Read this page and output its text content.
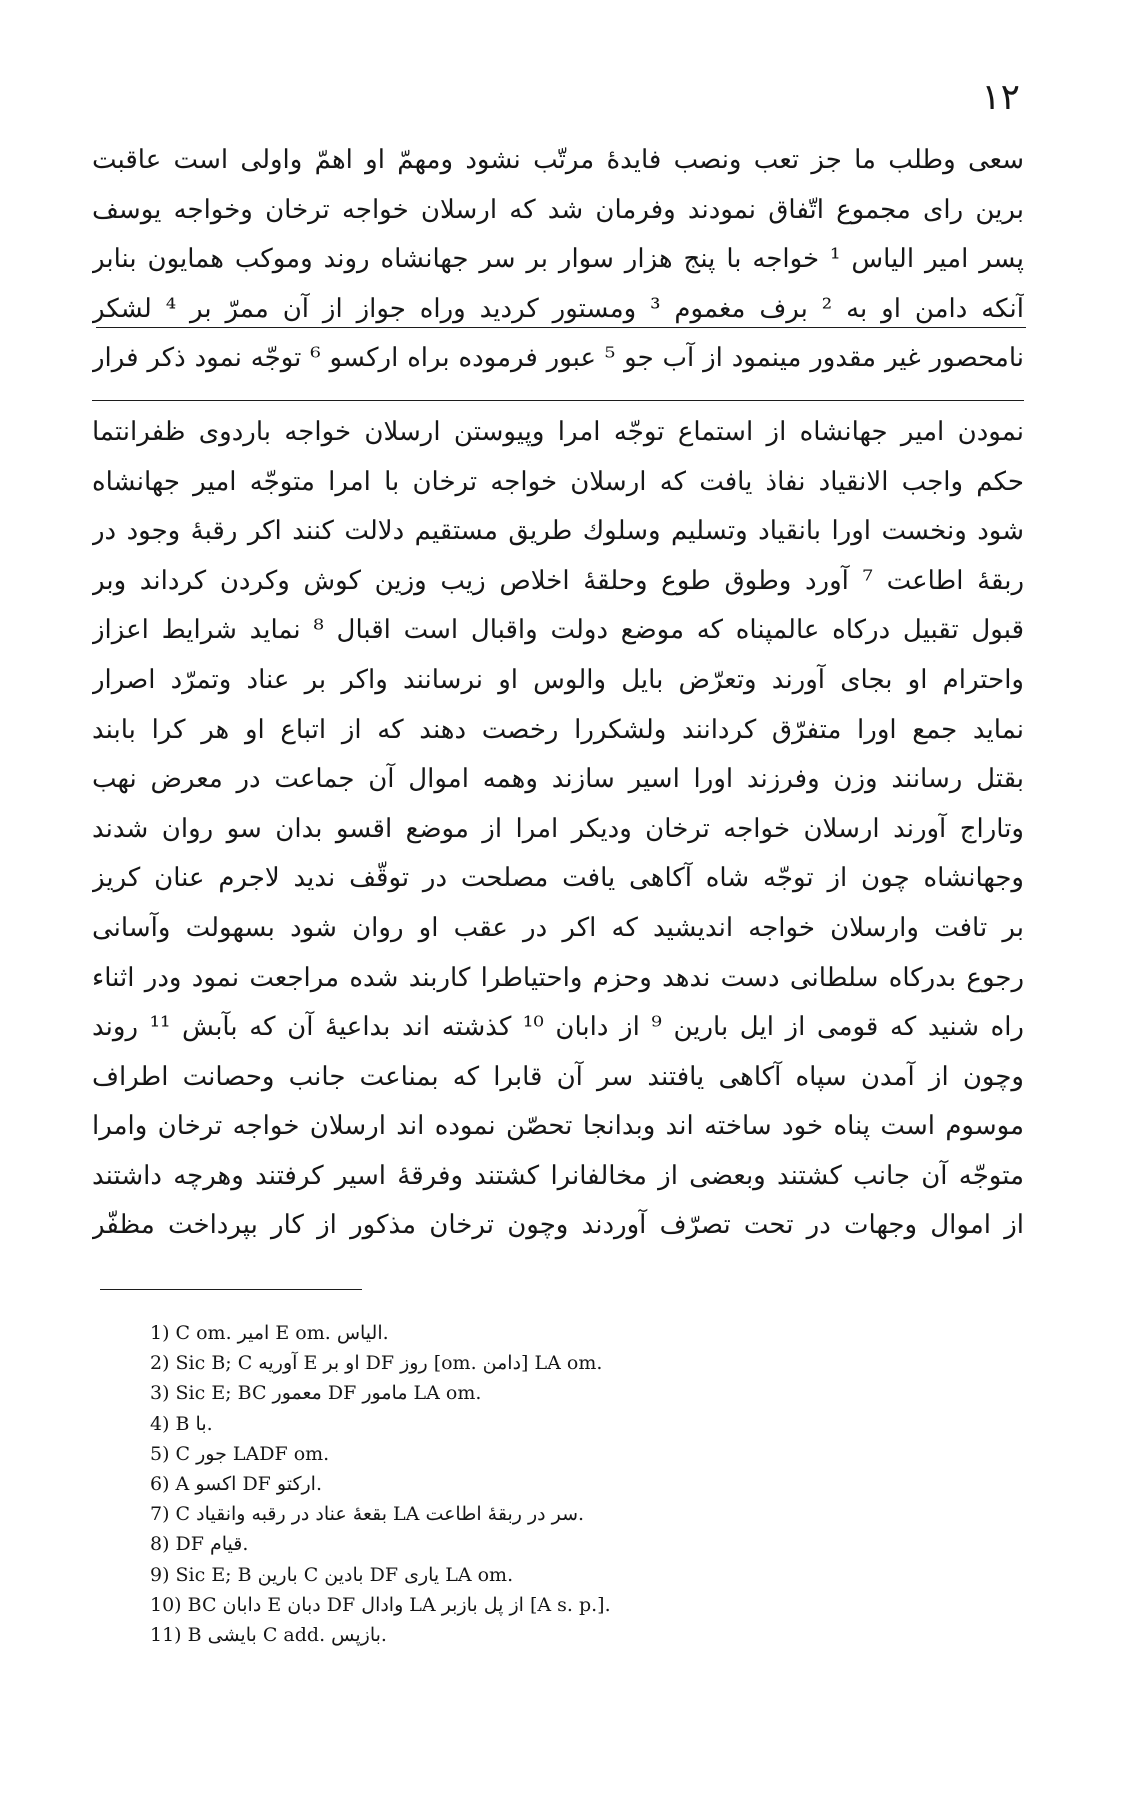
۱۲
سعی وطلب ما جز تعب ونصب فایدهٔ مرتّب نشود ومهمّ او اهمّ واولی است عاقبت
برین رای مجموع اتّفاق نمودند وفرمان شد که ارسلان خواجه ترخان وخواجه یوسف
پسر امیر الیاس ¹ خواجه با پنج هزار سوار بر سر جهانشاه روند وموکب همایون بنابر
آنکه دامن او به ² برف مغموم ³ ومستور کردید وراه جواز از آن ممرّ بر ⁴ لشکر
نامحصور غیر مقدور مینمود از آب جو ⁵ عبور فرموده براه ارکسو ⁶ توجّه نمود ذکر فرار
نمودن امیر جهانشاه از استماع توجّه امرا وپیوستن ارسلان خواجه باردوی ظفرانتما
حکم واجب الانقیاد نفاذ یافت که ارسلان خواجه ترخان با امرا متوجّه امیر جهانشاه
شود ونخست اورا بانقیاد وتسلیم وسلوك طریق مستقیم دلالت کنند اکر رقبهٔ وجود در
ربقهٔ اطاعت ⁷ آورد وطوق طوع وحلقهٔ اخلاص زیب وزین کوش وکردن کرداند وبر
قبول تقبیل درکاه عالمپناه که موضع دولت واقبال است اقبال ⁸ نماید شرایط اعزاز
واحترام او بجای آورند وتعرّض بایل والوس او نرسانند واکر بر عناد وتمرّد اصرار
نماید جمع اورا متفرّق کردانند ولشکررا رخصت دهند که از اتباع او هر کرا بابند
بقتل رسانند وزن وفرزند اورا اسیر سازند وهمه اموال آن جماعت در معرض نهب
وتاراج آورند ارسلان خواجه ترخان ودیکر امرا از موضع اقسو بدان سو روان شدند
وجهانشاه چون از توجّه شاه آکاهی یافت مصلحت در توقّف ندید لاجرم عنان کریز
بر تافت وارسلان خواجه اندیشید که اکر در عقب او روان شود بسهولت وآسانی
رجوع بدرکاه سلطانی دست ندهد وحزم واحتیاطرا کاربند شده مراجعت نمود ودر اثناء
راه شنید که قومی از ایل بارین ⁹ از دابان ¹⁰ کذشته اند بداعیهٔ آن که بآبش ¹¹ روند
وچون از آمدن سپاه آکاهی یافتند سر آن قابرا که بمناعت جانب وحصانت اطراف
موسوم است پناه خود ساخته اند وبدانجا تحصّن نموده اند ارسلان خواجه ترخان وامرا
متوجّه آن جانب کشتند وبعضی از مخالفانرا کشتند وفرقهٔ اسیر کرفتند وهرچه داشتند
از اموال وجهات در تحت تصرّف آوردند وچون ترخان مذکور از کار بپرداخت مظفّر
1) C om. امیر E om. الیاس.
2) Sic B; C آوریه E او بر DF روز [om. دامن] LA om.
3) Sic E; BC معمور DF مامور LA om.
4) B با.
5) C جور LADF om.
6) A اکسو DF ارکتو.
7) C بقعهٔ عناد در رقبه وانقیاد LA سر در ربقهٔ اطاعت.
8) DF قیام.
9) Sic E; B بارین C بادین DF یاری LA om.
10) BC دابان E دبان DF وادال LA از پل بازبر [A s. p.].
11) B بایشی C add. بازپس.
